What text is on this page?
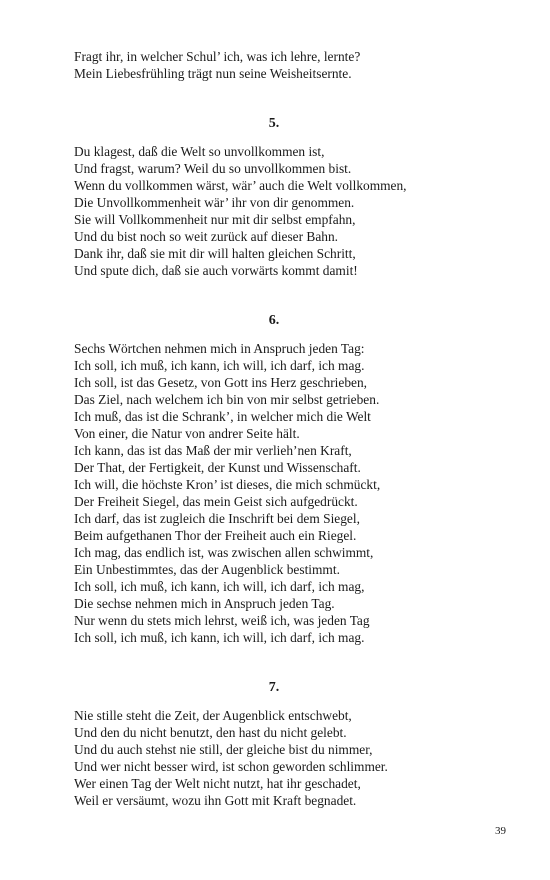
Fragt ihr, in welcher Schul’ ich, was ich lehre, lernte?
Mein Liebesfrühling trägt nun seine Weisheitsernte.
5.
Du klagest, daß die Welt so unvollkommen ist,
Und fragst, warum? Weil du so unvollkommen bist.
Wenn du vollkommen wärst, wär’ auch die Welt vollkommen,
Die Unvollkommenheit wär’ ihr von dir genommen.
Sie will Vollkommenheit nur mit dir selbst empfahn,
Und du bist noch so weit zurück auf dieser Bahn.
Dank ihr, daß sie mit dir will halten gleichen Schritt,
Und spute dich, daß sie auch vorwärts kommt damit!
6.
Sechs Wörtchen nehmen mich in Anspruch jeden Tag:
Ich soll, ich muß, ich kann, ich will, ich darf, ich mag.
Ich soll, ist das Gesetz, von Gott ins Herz geschrieben,
Das Ziel, nach welchem ich bin von mir selbst getrieben.
Ich muß, das ist die Schrank’, in welcher mich die Welt
Von einer, die Natur von andrer Seite hält.
Ich kann, das ist das Maß der mir verlieh’nen Kraft,
Der That, der Fertigkeit, der Kunst und Wissenschaft.
Ich will, die höchste Kron’ ist dieses, die mich schmückt,
Der Freiheit Siegel, das mein Geist sich aufgedrückt.
Ich darf, das ist zugleich die Inschrift bei dem Siegel,
Beim aufgethanen Thor der Freiheit auch ein Riegel.
Ich mag, das endlich ist, was zwischen allen schwimmt,
Ein Unbestimmtes, das der Augenblick bestimmt.
Ich soll, ich muß, ich kann, ich will, ich darf, ich mag,
Die sechse nehmen mich in Anspruch jeden Tag.
Nur wenn du stets mich lehrst, weiß ich, was jeden Tag
Ich soll, ich muß, ich kann, ich will, ich darf, ich mag.
7.
Nie stille steht die Zeit, der Augenblick entschwebt,
Und den du nicht benutzt, den hast du nicht gelebt.
Und du auch stehst nie still, der gleiche bist du nimmer,
Und wer nicht besser wird, ist schon geworden schlimmer.
Wer einen Tag der Welt nicht nutzt, hat ihr geschadet,
Weil er versäumt, wozu ihn Gott mit Kraft begnadet.
39
